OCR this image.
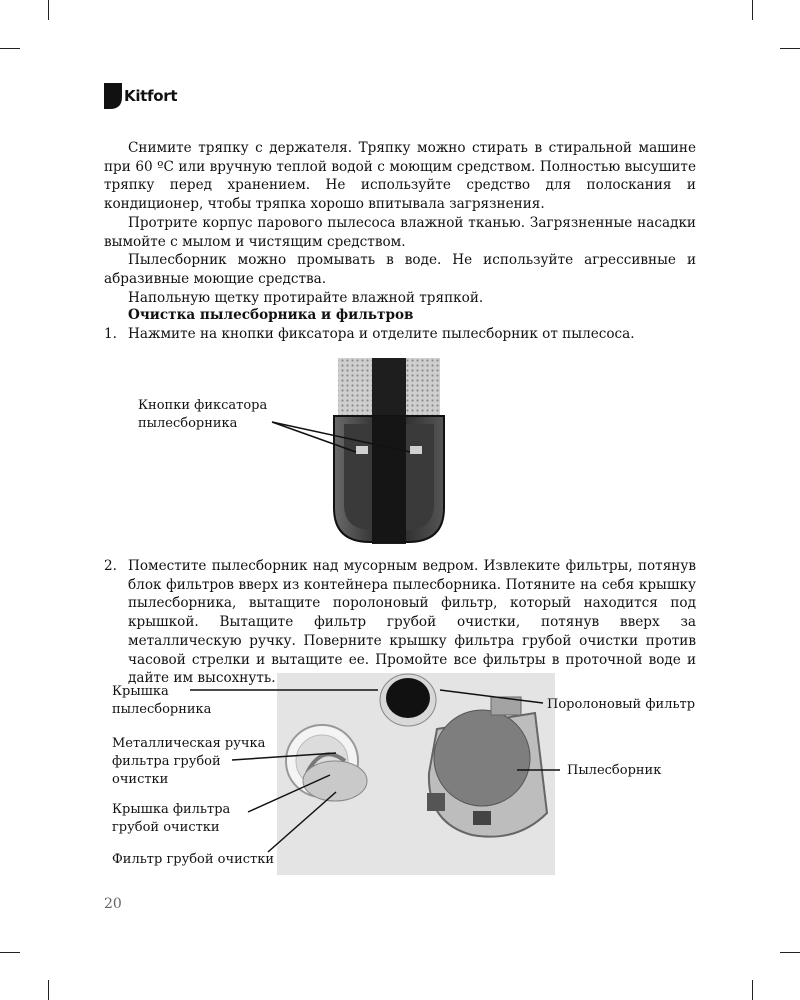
Kitfort

Снимите тряпку с держателя. Тряпку можно стирать в стиральной машине при 60 ºС или вручную теплой водой с моющим средством. Полностью высушите тряпку перед хранением. Не используйте средство для полоскания и кондиционер, чтобы тряпка хорошо впитывала загрязнения.

Протрите корпус парового пылесоса влажной тканью. Загрязненные насадки вымойте с мылом и чистящим средством.

Пылесборник можно промывать в воде. Не используйте агрессивные и абразивные моющие средства.

Напольную щетку протирайте влажной тряпкой.

Очистка пылесборника и фильтров
1. Нажмите на кнопки фиксатора и отделите пылесборник от пылесоса.
Кнопки фиксатора пылесборника
2. Поместите пылесборник над мусорным ведром. Извлеките фильтры, потянув блок фильтров вверх из контейнера пылесборника. Потяните на себя крышку пылесборника, вытащите поролоновый фильтр, который находится под крышкой. Вытащите фильтр грубой очистки, потянув вверх за металлическую ручку. Поверните крышку фильтра грубой очистки против часовой стрелки и вытащите ее. Промойте все фильтры в проточной воде и дайте им высохнуть.
Крышка пылесборника
Металлическая ручка фильтра грубой очистки
Крышка фильтра грубой очистки
Фильтр грубой очистки
Поролоновый фильтр
Пылесборник
20
